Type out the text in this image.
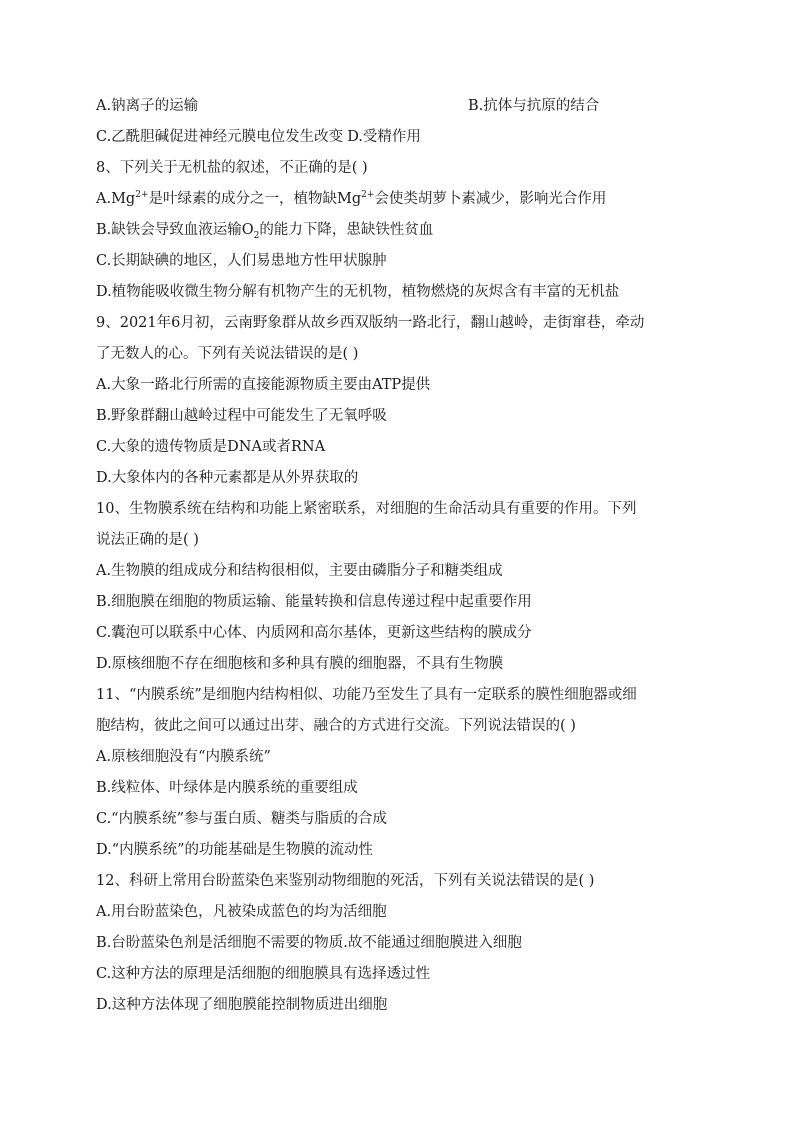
A.钠离子的运输	B.抗体与抗原的结合
C.乙酰胆碱促进神经元膜电位发生改变 D.受精作用
8、下列关于无机盐的叙述，不正确的是( )
$A.Mg^{2+}$是叶绿素的成分之一，植物缺$Mg^{2+}$会使类胡萝卜素减少，影响光合作用
B.缺铁会导致血液运输$O_2$的能力下降，患缺铁性贫血
C.长期缺碘的地区，人们易患地方性甲状腺肿
D.植物能吸收微生物分解有机物产生的无机物，植物燃烧的灰烬含有丰富的无机盐
9、2021年6月初，云南野象群从故乡西双版纳一路北行，翻山越岭，走街窜巷，牵动
了无数人的心。下列有关说法错误的是( )
A.大象一路北行所需的直接能源物质主要由ATP提供
B.野象群翻山越岭过程中可能发生了无氧呼吸
C.大象的遗传物质是DNA或者RNA
D.大象体内的各种元素都是从外界获取的
10、生物膜系统在结构和功能上紧密联系，对细胞的生命活动具有重要的作用。下列
说法正确的是( )
A.生物膜的组成成分和结构很相似，主要由磷脂分子和糖类组成
B.细胞膜在细胞的物质运输、能量转换和信息传递过程中起重要作用
C.囊泡可以联系中心体、内质网和高尔基体，更新这些结构的膜成分
D.原核细胞不存在细胞核和多种具有膜的细胞器，不具有生物膜
11、“内膜系统”是细胞内结构相似、功能乃至发生了具有一定联系的膜性细胞器或细
胞结构，彼此之间可以通过出芽、融合的方式进行交流。下列说法错误的( )
A.原核细胞没有“内膜系统”
B.线粒体、叶绿体是内膜系统的重要组成
C.“内膜系统”参与蛋白质、糖类与脂质的合成
D.“内膜系统”的功能基础是生物膜的流动性
12、科研上常用台盼蓝染色来鉴别动物细胞的死活，下列有关说法错误的是( )
A.用台盼蓝染色，凡被染成蓝色的均为活细胞
B.台盼蓝染色剂是活细胞不需要的物质.故不能通过细胞膜进入细胞
C.这种方法的原理是活细胞的细胞膜具有选择透过性
D.这种方法体现了细胞膜能控制物质进出细胞
